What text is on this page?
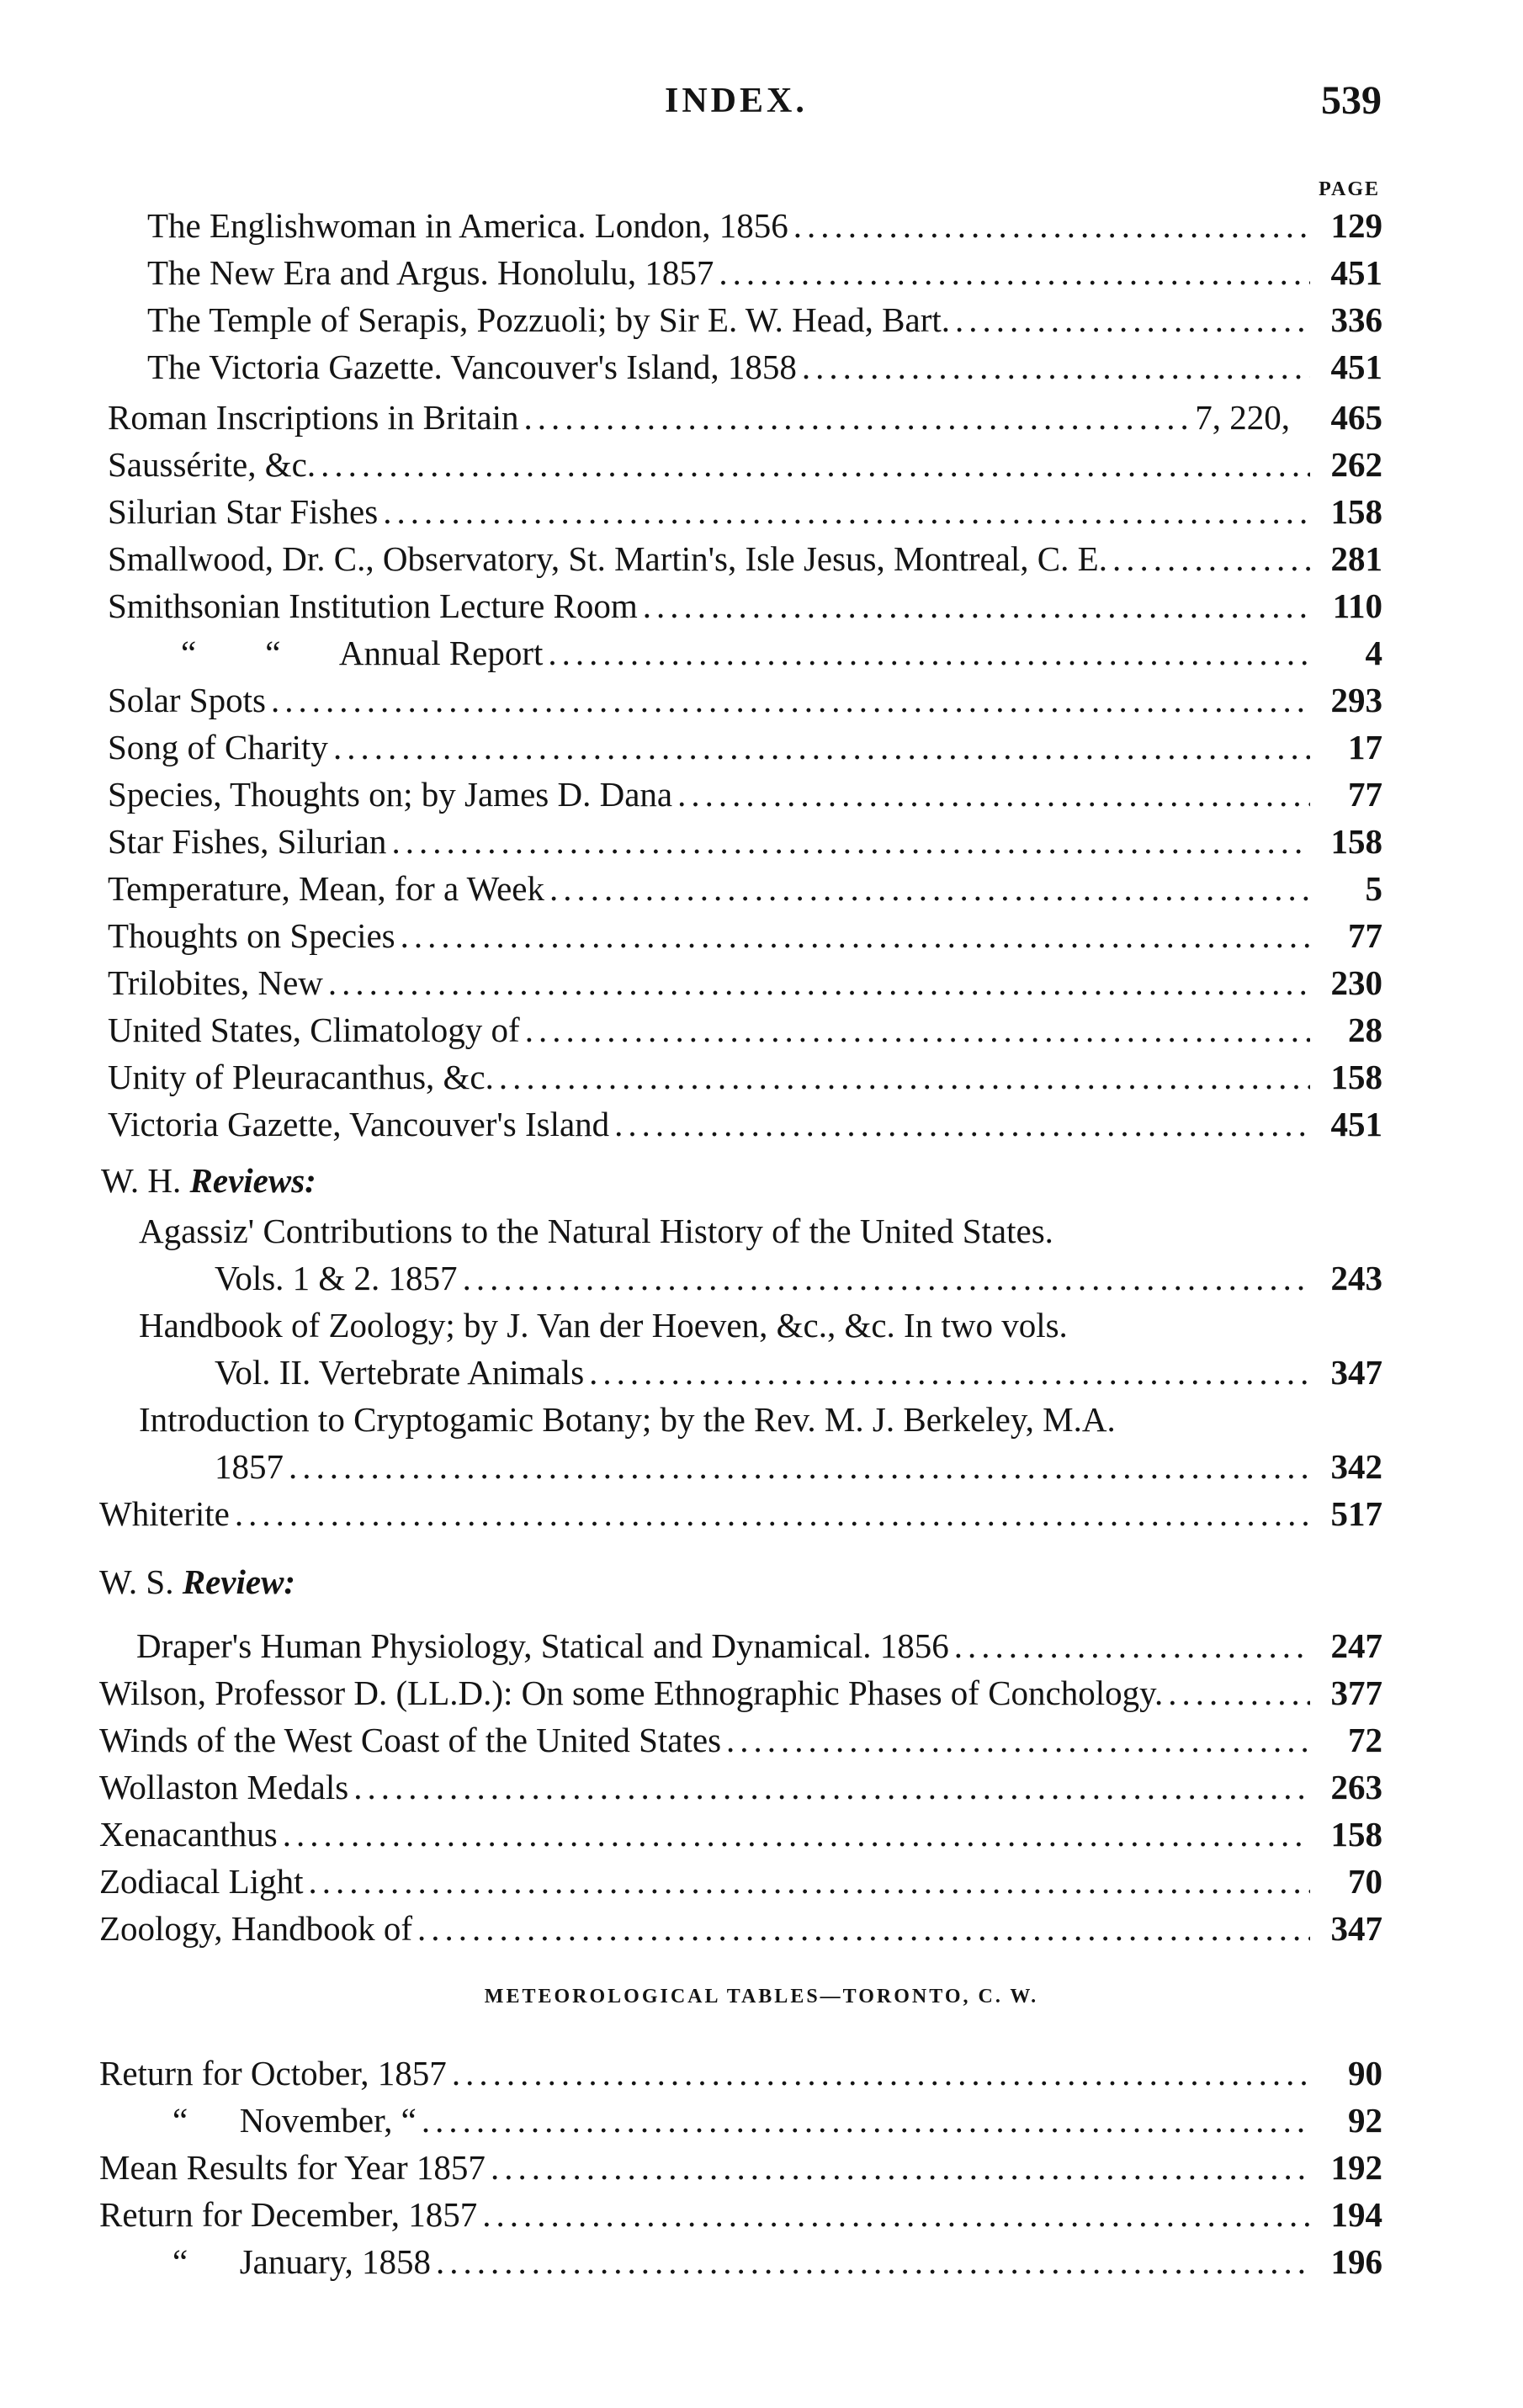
INDEX.	539
PAGE
The Englishwoman in America. London, 1856 .....	129
The New Era and Argus. Honolulu, 1857 .....	451
The Temple of Serapis, Pozzuoli; by Sir E. W. Head, Bart. .....	336
The Victoria Gazette. Vancouver's Island, 1858 .....	451
Roman Inscriptions in Britain .....	7, 220,	465
Saussérite, &c. .....	262
Silurian Star Fishes .....	158
Smallwood, Dr. C., Observatory, St. Martin's, Isle Jesus, Montreal, C. E. .....	281
Smithsonian Institution Lecture Room .....	110
“        “       Annual Report .....	4
Solar Spots .....	293
Song of Charity .....	17
Species, Thoughts on; by James D. Dana .....	77
Star Fishes, Silurian .....	158
Temperature, Mean, for a Week .....	5
Thoughts on Species .....	77
Trilobites, New .....	230
United States, Climatology of .....	28
Unity of Pleuracanthus, &c. .....	158
Victoria Gazette, Vancouver's Island .....	451
W. H. Reviews:
Agassiz' Contributions to the Natural History of the United States.
Vols. 1 & 2. 1857 .....	243
Handbook of Zoology; by J. Van der Hoeven, &c., &c. In two vols.
Vol. II. Vertebrate Animals .....	347
Introduction to Cryptogamic Botany; by the Rev. M. J. Berkeley, M.A.
1857 .....	342
Whiterite .....	517
W. S. Review:
Draper's Human Physiology, Statical and Dynamical. 1856 .....	247
Wilson, Professor D. (LL.D.): On some Ethnographic Phases of Conchology. .....	377
Winds of the West Coast of the United States .....	72
Wollaston Medals .....	263
Xenacanthus .....	158
Zodiacal Light .....	70
Zoology, Handbook of .....	347
METEOROLOGICAL TABLES—TORONTO, C. W.
Return for October, 1857 .....	90
“      November, “ .....	92
Mean Results for Year 1857 .....	192
Return for December, 1857 .....	194
“      January, 1858 .....	196
